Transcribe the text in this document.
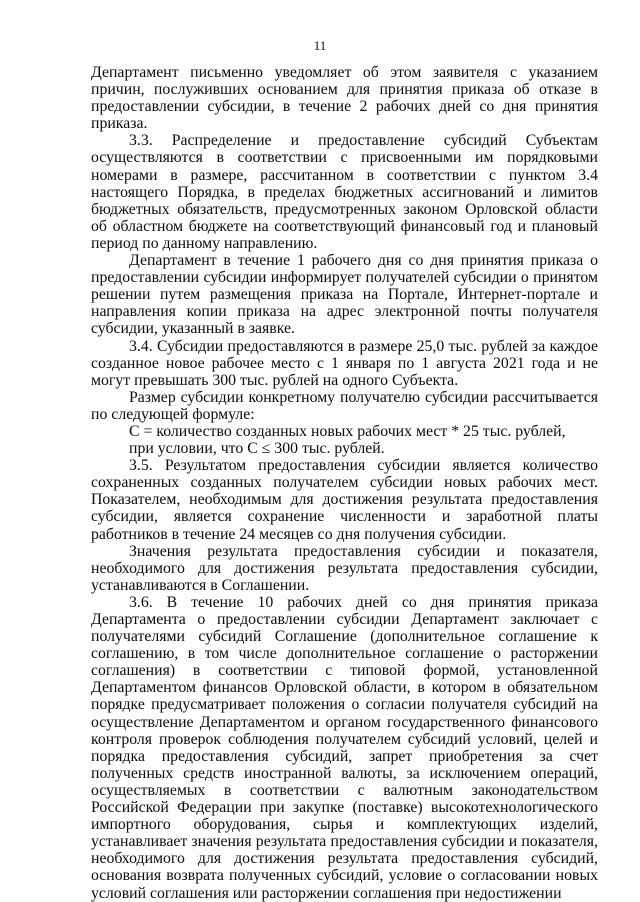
11

Департамент письменно уведомляет об этом заявителя с указанием причин, послуживших основанием для принятия приказа об отказе в предоставлении субсидии, в течение 2 рабочих дней со дня принятия приказа.

3.3. Распределение и предоставление субсидий Субъектам осуществляются в соответствии с присвоенными им порядковыми номерами в размере, рассчитанном в соответствии с пунктом 3.4 настоящего Порядка, в пределах бюджетных ассигнований и лимитов бюджетных обязательств, предусмотренных законом Орловской области об областном бюджете на соответствующий финансовый год и плановый период по данному направлению.

Департамент в течение 1 рабочего дня со дня принятия приказа о предоставлении субсидии информирует получателей субсидии о принятом решении путем размещения приказа на Портале, Интернет-портале и направления копии приказа на адрес электронной почты получателя субсидии, указанный в заявке.

3.4. Субсидии предоставляются в размере 25,0 тыс. рублей за каждое созданное новое рабочее место с 1 января по 1 августа 2021 года и не могут превышать 300 тыс. рублей на одного Субъекта.

Размер субсидии конкретному получателю субсидии рассчитывается по следующей формуле:

С = количество созданных новых рабочих мест * 25 тыс. рублей,

при условии, что С ≤ 300 тыс. рублей.

3.5. Результатом предоставления субсидии является количество сохраненных созданных получателем субсидии новых рабочих мест. Показателем, необходимым для достижения результата предоставления субсидии, является сохранение численности и заработной платы работников в течение 24 месяцев со дня получения субсидии.

Значения результата предоставления субсидии и показателя, необходимого для достижения результата предоставления субсидии, устанавливаются в Соглашении.

3.6. В течение 10 рабочих дней со дня принятия приказа Департамента о предоставлении субсидии Департамент заключает с получателями субсидий Соглашение (дополнительное соглашение к соглашению, в том числе дополнительное соглашение о расторжении соглашения) в соответствии с типовой формой, установленной Департаментом финансов Орловской области, в котором в обязательном порядке предусматривает положения о согласии получателя субсидий на осуществление Департаментом и органом государственного финансового контроля проверок соблюдения получателем субсидий условий, целей и порядка предоставления субсидий, запрет приобретения за счет полученных средств иностранной валюты, за исключением операций, осуществляемых в соответствии с валютным законодательством Российской Федерации при закупке (поставке) высокотехнологического импортного оборудования, сырья и комплектующих изделий, устанавливает значения результата предоставления субсидии и показателя, необходимого для достижения результата предоставления субсидий, основания возврата полученных субсидий, условие о согласовании новых условий соглашения или расторжении соглашения при недостижении
